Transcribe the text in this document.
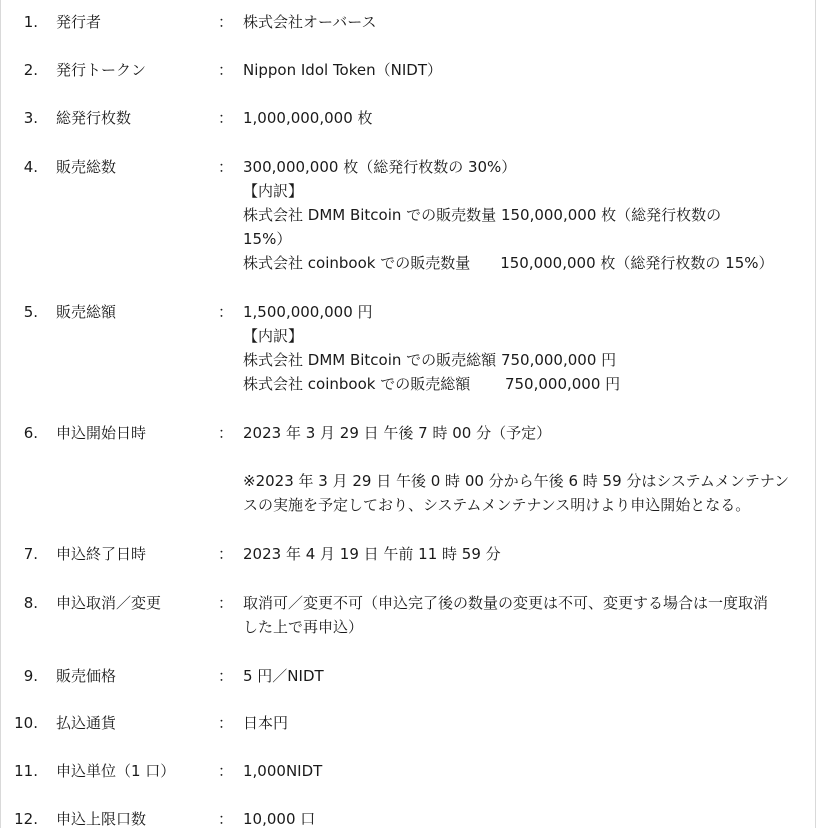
1. 発行者	： 株式会社オーバース
2. 発行トークン	： Nippon Idol Token（NIDT）
3. 総発行枚数	： 1,000,000,000 枚
4. 販売総数	： 300,000,000 枚（総発行枚数の 30%）
【内訳】
株式会社 DMM Bitcoin での販売数量 150,000,000 枚（総発行枚数の
15%）
株式会社 coinbook での販売数量　　150,000,000 枚（総発行枚数の 15%）
5. 販売総額	： 1,500,000,000 円
【内訳】
株式会社 DMM Bitcoin での販売総額 750,000,000 円
株式会社 coinbook での販売総額　　 750,000,000 円
6. 申込開始日時	： 2023 年 3 月 29 日 午後 7 時 00 分（予定）
※2023 年 3 月 29 日 午後 0 時 00 分から午後 6 時 59 分はシステムメンテナン
スの実施を予定しており、システムメンテナンス明けより申込開始となる。
7. 申込終了日時	： 2023 年 4 月 19 日 午前 11 時 59 分
8. 申込取消／変更	： 取消可／変更不可（申込完了後の数量の変更は不可、変更する場合は一度取消
した上で再申込）
9. 販売価格	： 5 円／NIDT
10. 払込通貨	： 日本円
11. 申込単位（1 口）	： 1,000NIDT
12. 申込上限口数	： 10,000 口
